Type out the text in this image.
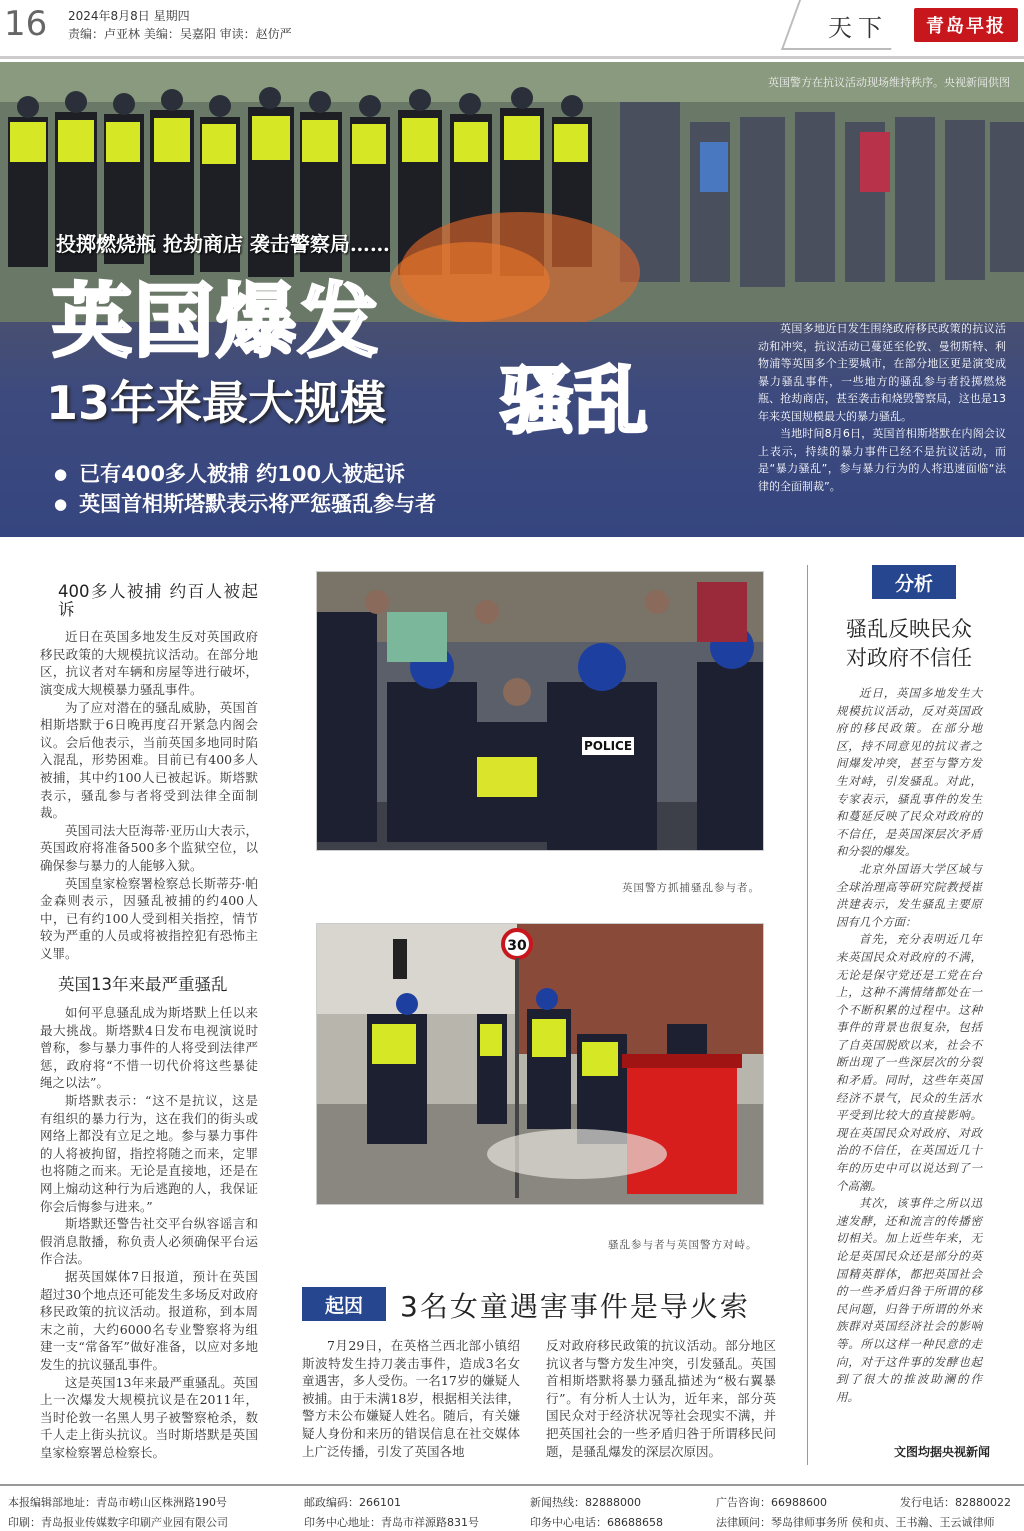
16 2024年8月8日 星期四
责编：卢亚林 美编：吴嘉阳 审读：赵仿严	天下	青岛早报
英国警方在抗议活动现场维持秩序。央视新闻供图
投掷燃烧瓶 抢劫商店 袭击警察局……
英国爆发
13年来最大规模 骚乱
● 已有400多人被捕 约100人被起诉
● 英国首相斯塔默表示将严惩骚乱参与者

英国多地近日发生围绕政府移民政策的抗议活动和冲突，抗议活动已蔓延至伦敦、曼彻斯特、利物浦等英国多个主要城市，在部分地区更是演变成暴力骚乱事件，一些地方的骚乱参与者投掷燃烧瓶、抢劫商店，甚至袭击和烧毁警察局，这也是13年来英国规模最大的暴力骚乱。

当地时间8月6日，英国首相斯塔默在内阁会议上表示，持续的暴力事件已经不是抗议活动，而是“暴力骚乱”，参与暴力行为的人将迅速面临“法律的全面制裁”。

400多人被捕 约百人被起诉

近日在英国多地发生反对英国政府移民政策的大规模抗议活动。在部分地区，抗议者对车辆和房屋等进行破坏，演变成大规模暴力骚乱事件。

为了应对潜在的骚乱威胁，英国首相斯塔默于6日晚再度召开紧急内阁会议。会后他表示，当前英国多地同时陷入混乱，形势困难。目前已有400多人被捕，其中约100人已被起诉。斯塔默表示，骚乱参与者将受到法律全面制裁。

英国司法大臣海蒂·亚历山大表示，英国政府将准备500多个监狱空位，以确保参与暴力的人能够入狱。

英国皇家检察署检察总长斯蒂芬·帕金森则表示，因骚乱被捕的约400人中，已有约100人受到相关指控，情节较为严重的人员或将被指控犯有恐怖主义罪。

英国13年来最严重骚乱

如何平息骚乱成为斯塔默上任以来最大挑战。斯塔默4日发布电视演说时曾称，参与暴力事件的人将受到法律严惩，政府将“不惜一切代价将这些暴徒绳之以法”。

斯塔默表示：“这不是抗议，这是有组织的暴力行为，这在我们的街头或网络上都没有立足之地。参与暴力事件的人将被拘留，指控将随之而来，定罪也将随之而来。无论是直接地，还是在网上煽动这种行为后逃跑的人，我保证你会后悔参与进来。”

斯塔默还警告社交平台纵容谣言和假消息散播，称负责人必须确保平台运作合法。

据英国媒体7日报道，预计在英国超过30个地点还可能发生多场反对政府移民政策的抗议活动。报道称，到本周末之前，大约6000名专业警察将为组建一支“常备军”做好准备，以应对多地发生的抗议骚乱事件。

这是英国13年来最严重骚乱。英国上一次爆发大规模抗议是在2011年，当时伦敦一名黑人男子被警察枪杀，数千人走上街头抗议。当时斯塔默是英国皇家检察署总检察长。

POLICE
英国警方抓捕骚乱参与者。
30
骚乱参与者与英国警方对峙。
起因	3名女童遇害事件是导火索

7月29日，在英格兰西北部小镇绍斯波特发生持刀袭击事件，造成3名女童遇害，多人受伤。一名17岁的嫌疑人被捕。由于未满18岁，根据相关法律，警方未公布嫌疑人姓名。随后，有关嫌疑人身份和来历的错误信息在社交媒体上广泛传播，引发了英国各地

反对政府移民政策的抗议活动。部分地区抗议者与警方发生冲突，引发骚乱。英国首相斯塔默将暴力骚乱描述为“极右翼暴行”。有分析人士认为，近年来，部分英国民众对于经济状况等社会现实不满，并把英国社会的一些矛盾归咎于所谓移民问题，是骚乱爆发的深层次原因。

分析
骚乱反映民众
对政府不信任

近日，英国多地发生大规模抗议活动，反对英国政府的移民政策。在部分地区，持不同意见的抗议者之间爆发冲突，甚至与警方发生对峙，引发骚乱。对此，专家表示，骚乱事件的发生和蔓延反映了民众对政府的不信任，是英国深层次矛盾和分裂的爆发。

北京外国语大学区域与全球治理高等研究院教授崔洪建表示，发生骚乱主要原因有几个方面：

首先，充分表明近几年来英国民众对政府的不满，无论是保守党还是工党在台上，这种不满情绪都处在一个不断积累的过程中。这种事件的背景也很复杂，包括了自英国脱欧以来，社会不断出现了一些深层次的分裂和矛盾。同时，这些年英国经济不景气，民众的生活水平受到比较大的直接影响。现在英国民众对政府、对政治的不信任，在英国近几十年的历史中可以说达到了一个高潮。

其次，该事件之所以迅速发酵，还和流言的传播密切相关。加上近些年来，无论是英国民众还是部分的英国精英群体，都把英国社会的一些矛盾归咎于所谓的移民问题，归咎于所谓的外来族群对英国经济社会的影响等。所以这样一种民意的走向，对于这件事的发酵也起到了很大的推波助澜的作用。

文图均据央视新闻
本报编辑部地址：青岛市崂山区株洲路190号	邮政编码：266101	新闻热线：82888000	广告咨询：66988600	发行电话：82880022
印刷：青岛报业传媒数字印刷产业园有限公司	印务中心地址：青岛市祥源路831号	印务中心电话：68688658	法律顾问：琴岛律师事务所 侯和贞、王书瀚、王云诚律师
